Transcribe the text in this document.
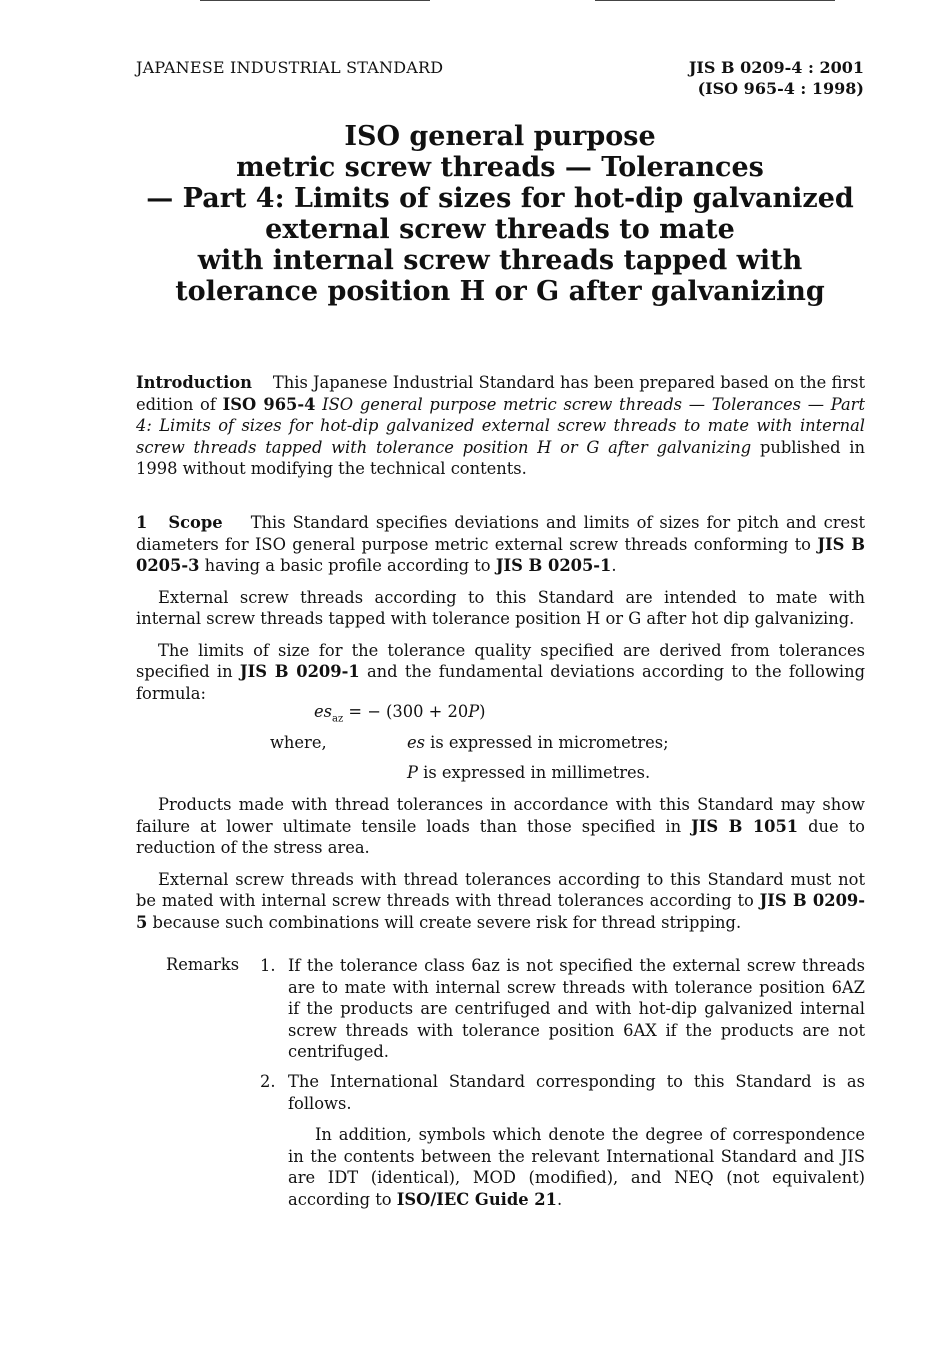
JAPANESE INDUSTRIAL STANDARD	JIS B 0209-4 : 2001
(ISO 965-4 : 1998)
ISO general purpose
metric screw threads — Tolerances
— Part 4: Limits of sizes for hot-dip galvanized
external screw threads to mate
with internal screw threads tapped with
tolerance position H or G after galvanizing

Introduction This Japanese Industrial Standard has been prepared based on the first edition of ISO 965-4 ISO general purpose metric screw threads — Tolerances — Part 4: Limits of sizes for hot-dip galvanized external screw threads to mate with internal screw threads tapped with tolerance position H or G after galvanizing published in 1998 without modifying the technical contents.

1 Scope This Standard specifies deviations and limits of sizes for pitch and crest diameters for ISO general purpose metric external screw threads conforming to JIS B 0205-3 having a basic profile according to JIS B 0205-1.

External screw threads according to this Standard are intended to mate with internal screw threads tapped with tolerance position H or G after hot dip galvanizing.

The limits of size for the tolerance quality specified are derived from tolerances specified in JIS B 0209-1 and the fundamental deviations according to the following formula:

$es_{az}$ = − (300 + 20P)
where,	es is expressed in micrometres;
P is expressed in millimetres.

Products made with thread tolerances in accordance with this Standard may show failure at lower ultimate tensile loads than those specified in JIS B 1051 due to reduction of the stress area.

External screw threads with thread tolerances according to this Standard must not be mated with internal screw threads with thread tolerances according to JIS B 0209-5 because such combinations will create severe risk for thread stripping.

Remarks 1. If the tolerance class 6az is not specified the external screw threads are to mate with internal screw threads with tolerance position 6AZ if the products are centrifuged and with hot-dip galvanized internal screw threads with tolerance position 6AX if the products are not centrifuged.
2. The International Standard corresponding to this Standard is as follows.
In addition, symbols which denote the degree of correspondence in the contents between the relevant International Standard and JIS are IDT (identical), MOD (modified), and NEQ (not equivalent) according to ISO/IEC Guide 21.
